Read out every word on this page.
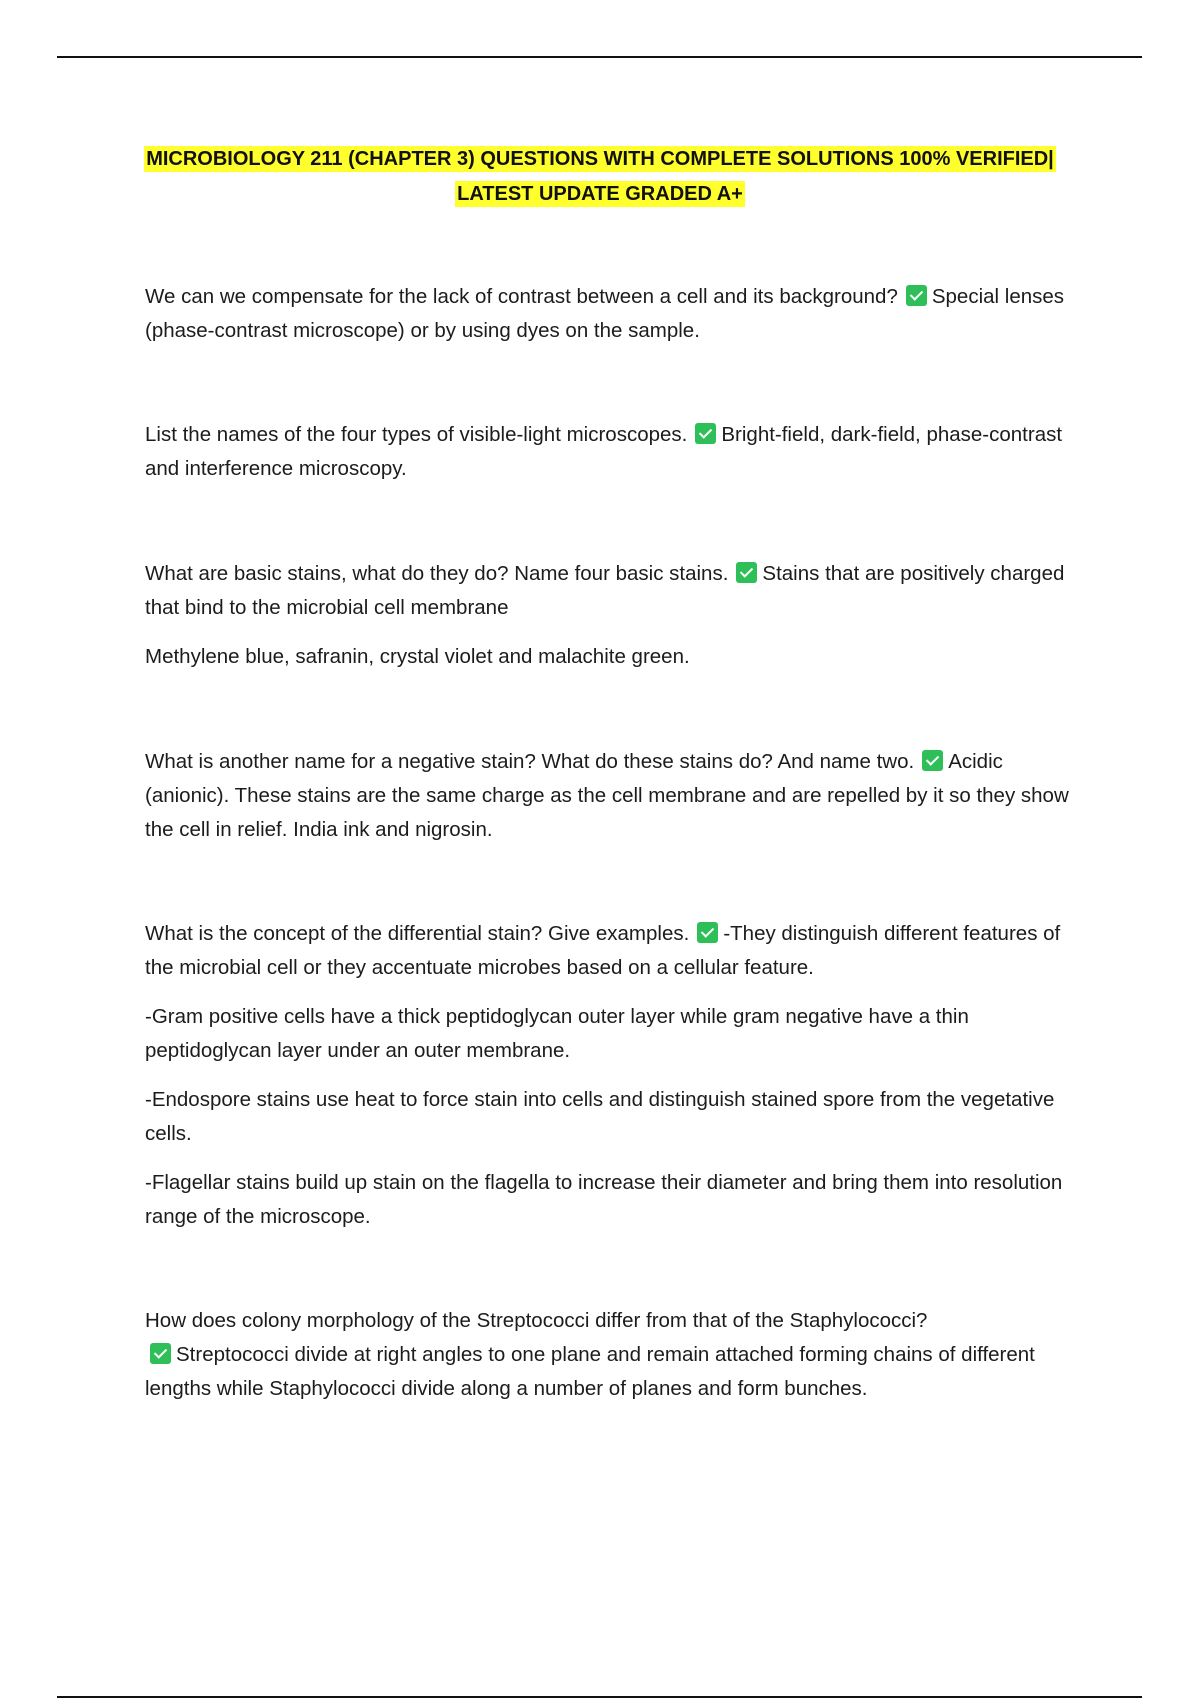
MICROBIOLOGY 211 (CHAPTER 3) QUESTIONS WITH COMPLETE SOLUTIONS 100% VERIFIED|
LATEST UPDATE GRADED A+

We can we compensate for the lack of contrast between a cell and its background? Special lenses (phase-contrast microscope) or by using dyes on the sample.

List the names of the four types of visible-light microscopes. Bright-field, dark-field, phase-contrast and interference microscopy.

What are basic stains, what do they do? Name four basic stains. Stains that are positively charged that bind to the microbial cell membrane

Methylene blue, safranin, crystal violet and malachite green.

What is another name for a negative stain? What do these stains do? And name two. Acidic (anionic). These stains are the same charge as the cell membrane and are repelled by it so they show the cell in relief. India ink and nigrosin.

What is the concept of the differential stain? Give examples. -They distinguish different features of the microbial cell or they accentuate microbes based on a cellular feature.

-Gram positive cells have a thick peptidoglycan outer layer while gram negative have a thin peptidoglycan layer under an outer membrane.

-Endospore stains use heat to force stain into cells and distinguish stained spore from the vegetative cells.

-Flagellar stains build up stain on the flagella to increase their diameter and bring them into resolution range of the microscope.

How does colony morphology of the Streptococci differ from that of the Staphylococci?
Streptococci divide at right angles to one plane and remain attached forming chains of different lengths while Staphylococci divide along a number of planes and form bunches.
